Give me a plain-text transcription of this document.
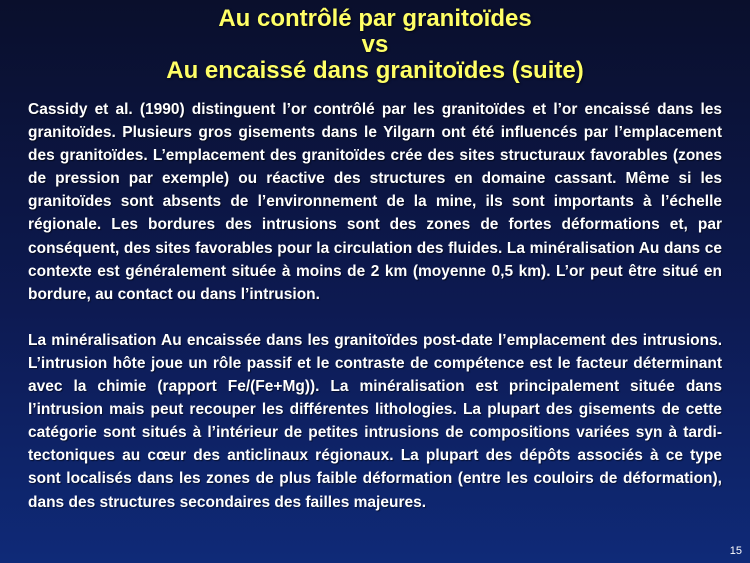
Au contrôlé par granitoïdes
vs
Au encaissé dans granitoïdes (suite)

Cassidy et al. (1990) distinguent l’or contrôlé par les granitoïdes et l’or encaissé dans les granitoïdes. Plusieurs gros gisements dans le Yilgarn ont été influencés par l’emplacement des granitoïdes. L’emplacement des granitoïdes crée des sites structuraux favorables (zones de pression par exemple) ou réactive des structures en domaine cassant. Même si les granitoïdes sont absents de l’environnement de la mine, ils sont importants à l’échelle régionale. Les bordures des intrusions sont des zones de fortes déformations et, par conséquent, des sites favorables pour la circulation des fluides. La minéralisation Au dans ce contexte est généralement située à moins de 2 km (moyenne 0,5 km). L’or peut être situé en bordure, au contact ou dans l’intrusion.

La minéralisation Au encaissée dans les granitoïdes post-date l’emplacement des intrusions. L’intrusion hôte joue un rôle passif et le contraste de compétence est le facteur déterminant avec la chimie (rapport Fe/(Fe+Mg)). La minéralisation est principalement située dans l’intrusion mais peut recouper les différentes lithologies. La plupart des gisements de cette catégorie sont situés à l’intérieur de petites intrusions de compositions variées syn à tardi-tectoniques au cœur des anticlinaux régionaux. La plupart des dépôts associés à ce type sont localisés dans les zones de plus faible déformation (entre les couloirs de déformation), dans des structures secondaires des failles majeures.

15
